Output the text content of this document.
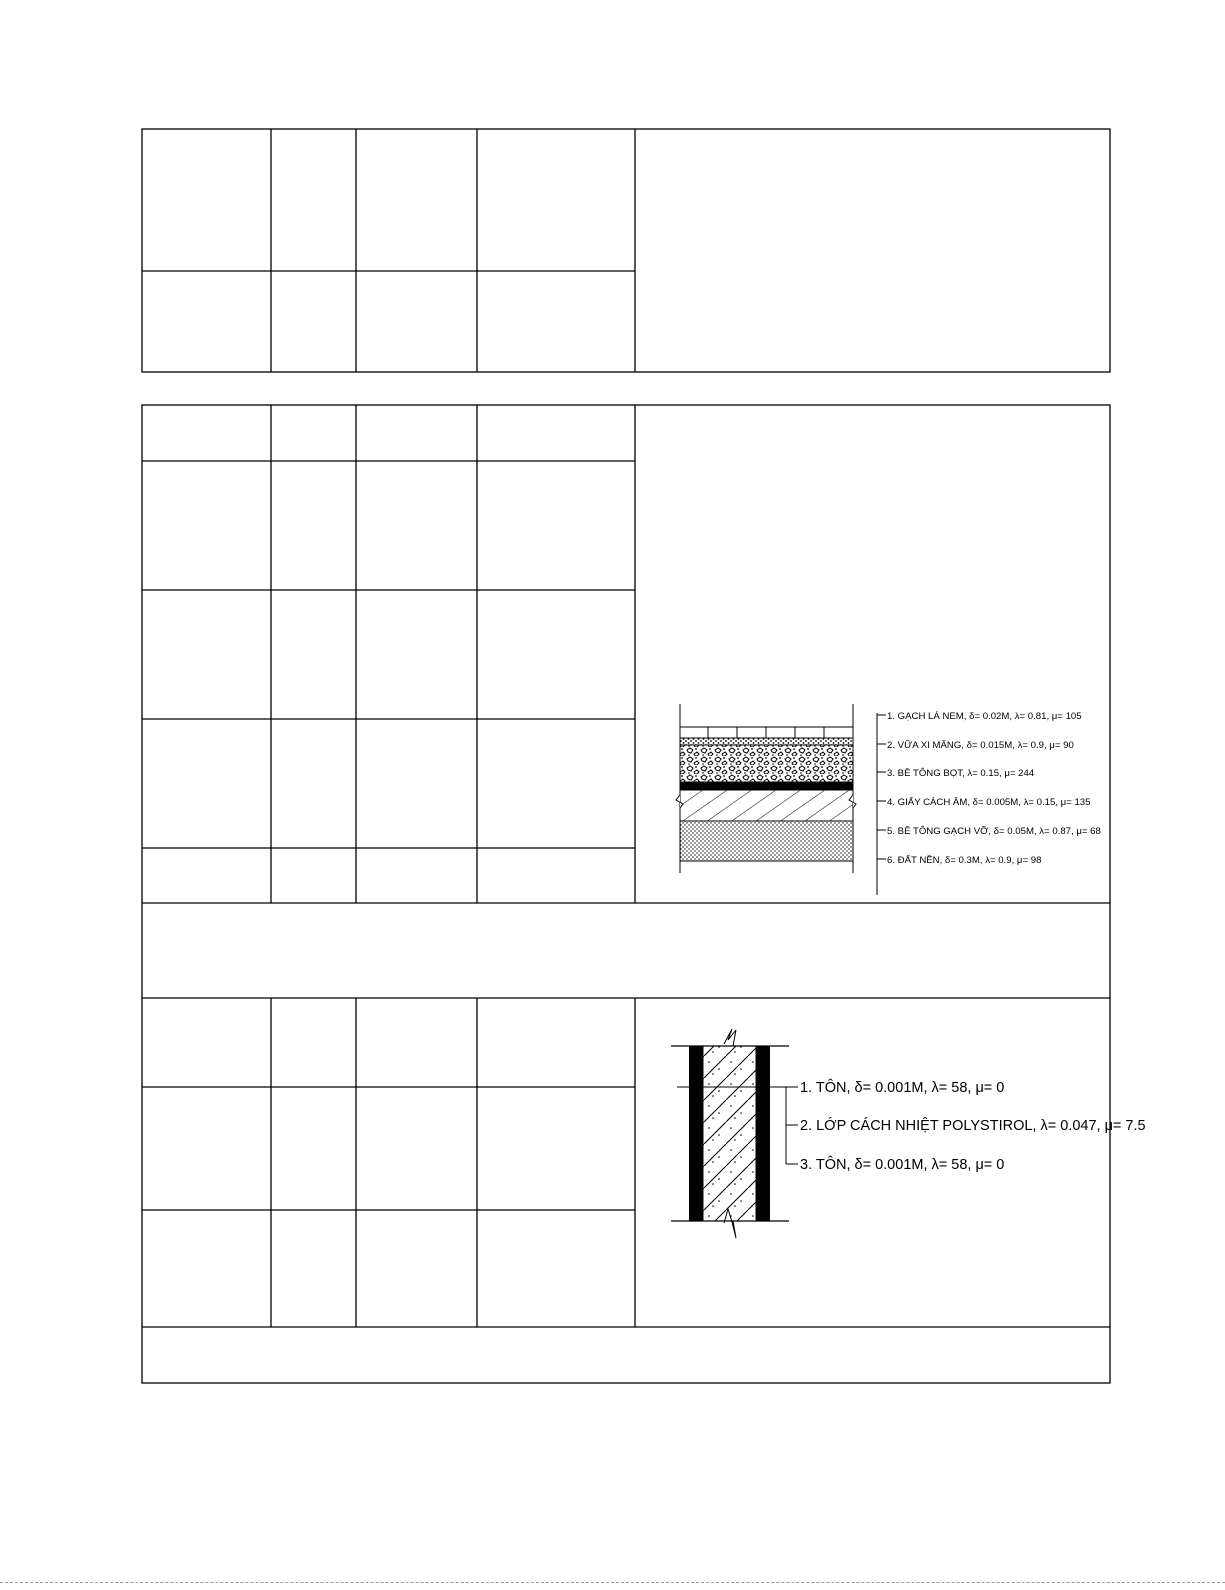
1. GẠCH LÁ NEM, δ= 0.02M, λ= 0.81, μ= 105
2. VỮA XI MĂNG, δ= 0.015M, λ= 0.9, μ= 90
3. BÊ TÔNG BỌT, λ= 0.15, μ= 244
4. GIẤY CÁCH ÂM, δ= 0.005M, λ= 0.15, μ= 135
5. BÊ TÔNG GẠCH VỠ, δ= 0.05M, λ= 0.87, μ= 68
6. ĐẤT NỀN, δ= 0.3M, λ= 0.9, μ= 98
1. TÔN, δ= 0.001M, λ= 58, μ= 0
2. LỚP CÁCH NHIỆT POLYSTIROL, λ= 0.047, μ= 7.5
3. TÔN, δ= 0.001M, λ= 58, μ= 0
